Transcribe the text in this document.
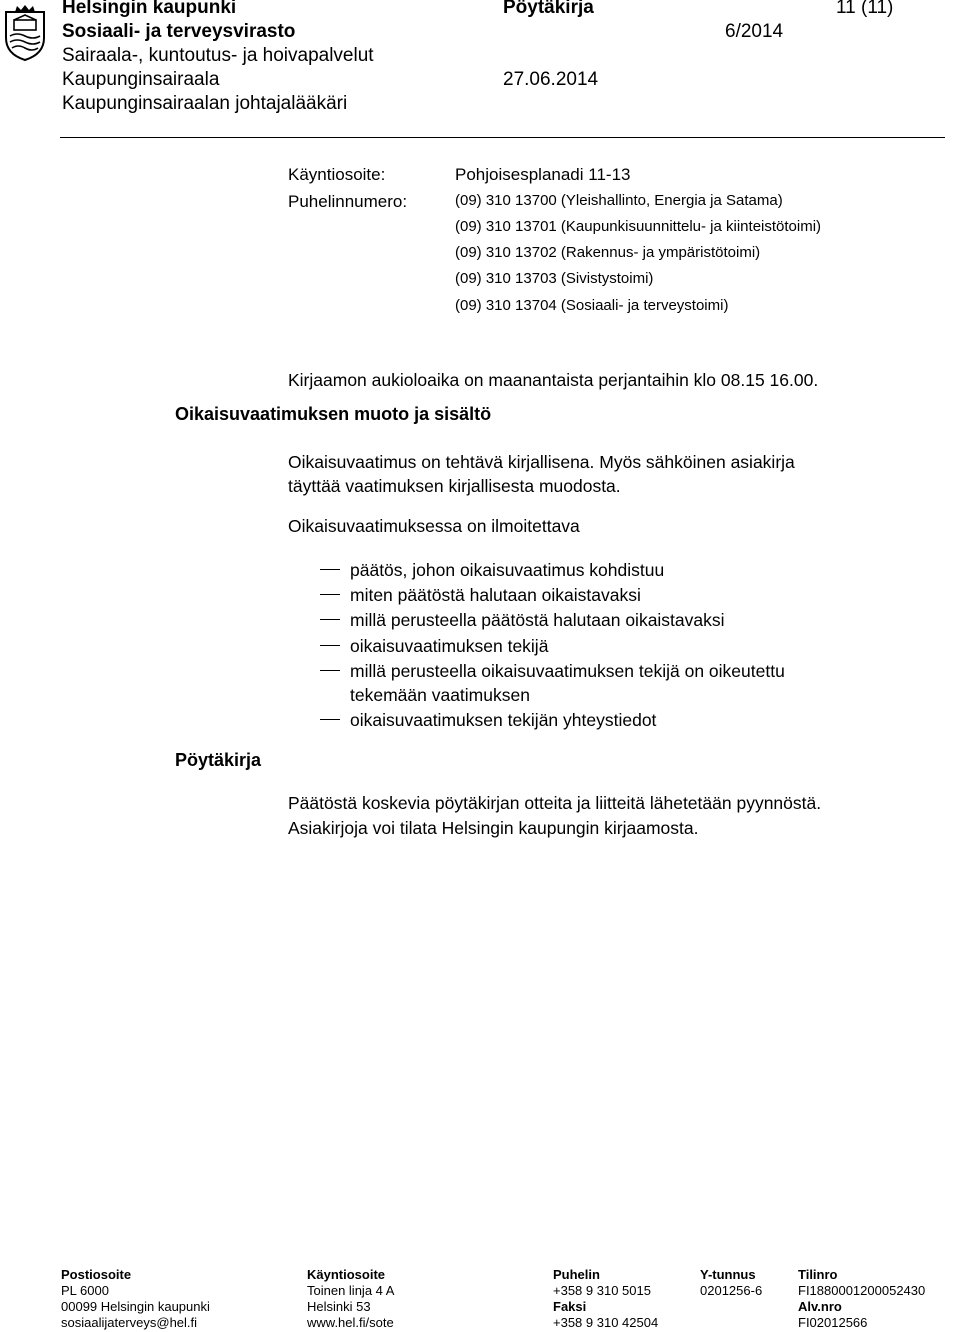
Helsingin kaupunki
Sosiaali- ja terveysvirasto
Sairaala-, kuntoutus- ja hoivapalvelut
Kaupunginsairaala
Kaupunginsairaalan johtajalääkäri
Pöytäkirja
6/2014
27.06.2014
11 (11)
Käyntiosoite:	Pohjoisesplanadi 11-13
Puhelinnumero:	(09) 310 13700 (Yleishallinto, Energia ja Satama)
(09) 310 13701 (Kaupunkisuunnittelu- ja kiinteistötoimi)
(09) 310 13702 (Rakennus- ja ympäristötoimi)
(09) 310 13703 (Sivistystoimi)
(09) 310 13704 (Sosiaali- ja terveystoimi)
Kirjaamon aukioloaika on maanantaista perjantaihin klo 08.15 16.00.
Oikaisuvaatimuksen muoto ja sisältö
Oikaisuvaatimus on tehtävä kirjallisena. Myös sähköinen asiakirja
täyttää vaatimuksen kirjallisesta muodosta.
Oikaisuvaatimuksessa on ilmoitettava
päätös, johon oikaisuvaatimus kohdistuu
miten päätöstä halutaan oikaistavaksi
millä perusteella päätöstä halutaan oikaistavaksi
oikaisuvaatimuksen tekijä
millä perusteella oikaisuvaatimuksen tekijä on oikeutettu
tekemään vaatimuksen
oikaisuvaatimuksen tekijän yhteystiedot
Pöytäkirja
Päätöstä koskevia pöytäkirjan otteita ja liitteitä lähetetään pyynnöstä.
Asiakirjoja voi tilata Helsingin kaupungin kirjaamosta.
Postiosoite
PL 6000
00099 Helsingin kaupunki
sosiaalijaterveys@hel.fi
Käyntiosoite
Toinen linja 4 A
Helsinki 53
www.hel.fi/sote
Puhelin
+358 9 310 5015
Faksi
+358 9 310 42504
Y-tunnus
0201256-6
Tilinro
FI1880001200052430
Alv.nro
FI02012566
